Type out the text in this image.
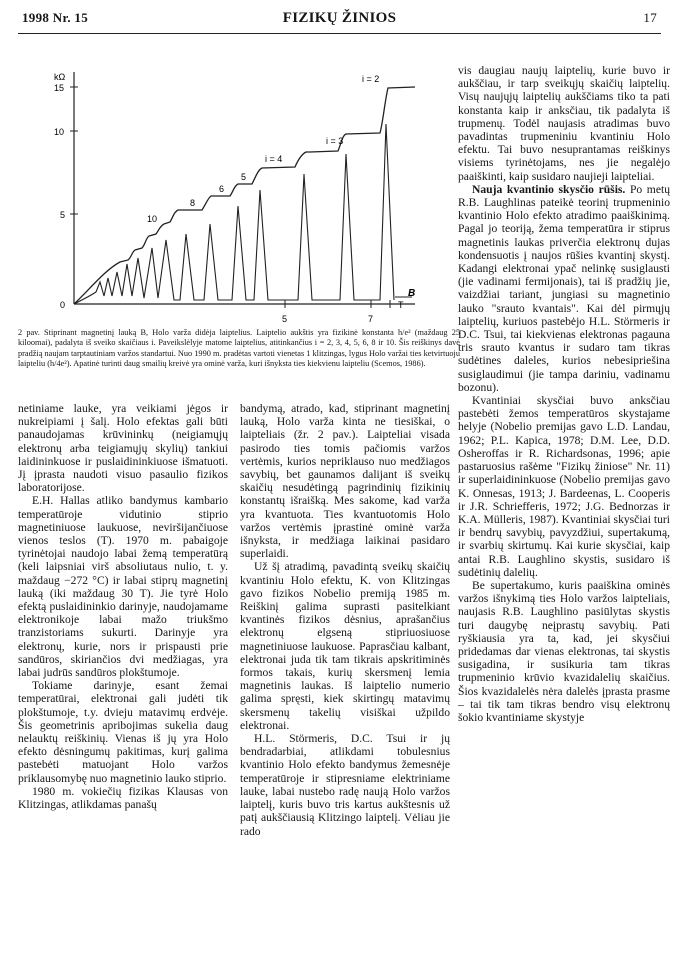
1998 Nr. 15	FIZIKŲ ŽINIOS	17
kΩ
15
10
5
0
5	7
T
B
i = 2
i = 3
i = 4
6
5
8
10
2 pav. Stiprinant magnetinį lauką B, Holo varža didėja laiptelius. Laiptelio aukštis yra fizikinė konstanta h/e² (maždaug 25 kiloomai), padalyta iš sveiko skaičiaus i. Paveikslėlyje matome laiptelius, atitinkančius i = 2, 3, 4, 5, 6, 8 ir 10. Šis reiškinys davė pradžią naujam tarptautiniam varžos standartui. Nuo 1990 m. pradėtas vartoti vienetas 1 klitzingas, lygus Holo varžai ties ketvirtuoju laipteliu (h/4e²). Apatinė turinti daug smailių kreivė yra ominė varža, kuri išnyksta ties kiekvienu laipteliu (Scemos, 1986).

netiniame lauke, yra veikiami jėgos ir nukreipiami į šalį. Holo efektas gali būti panaudojamas krūvininkų (neigiamųjų elektronų arba teigiamųjų skylių) tankiui laidininkuose ir puslaidininkiuose išmatuoti. Jį įprasta naudoti visuo pasaulio fizikos laboratorijose.

E.H. Hallas atliko bandymus kambario temperatūroje vidutinio stiprio magnetiniuose laukuose, neviršijančiuose vienos teslos (T). 1970 m. pabaigoje tyrinėtojai naudojo labai žemą temperatūrą (keli laipsniai virš absoliutaus nulio, t. y. maždaug −272 °C) ir labai stiprų magnetinį lauką (iki maždaug 30 T). Jie tyrė Holo efektą puslaidininkio darinyje, naudojamame elektronikoje labai mažo triukšmo tranzistoriams sukurti. Darinyje yra elektronų, kurie, nors ir prispausti prie sandūros, skiriančios dvi medžiagas, yra labai judrūs sandūros plokštumoje.

Tokiame darinyje, esant žemai temperatūrai, elektronai gali judėti tik plokštumoje, t.y. dvieju matavimų erdvėje. Šis geometrinis apribojimas sukelia daug nelauktų reiškinių. Vienas iš jų yra Holo efekto dėsningumų pakitimas, kurį galima pastebėti matuojant Holo varžos priklausomybę nuo magnetinio lauko stiprio.

1980 m. vokiečių fizikas Klausas von Klitzingas, atlikdamas panašų

bandymą, atrado, kad, stiprinant magnetinį lauką, Holo varža kinta ne tiesiškai, o laipteliais (žr. 2 pav.). Laipteliai visada pasirodo ties tomis pačiomis varžos vertėmis, kurios nepriklauso nuo medžiagos savybių, bet gaunamos dalijant iš sveikų skaičių nesudėtingą pagrindinių fizikinių konstantų išraišką. Mes sakome, kad varža yra kvantuota. Ties kvantuotomis Holo varžos vertėmis įprastinė ominė varža išnyksta, ir medžiaga laikinai pasidaro superlaidi.

Už šį atradimą, pavadintą sveikų skaičių kvantiniu Holo efektu, K. von Klitzingas gavo fizikos Nobelio premiją 1985 m. Reiškinį galima suprasti pasitelkiant kvantinės fizikos dėsnius, aprašančius elektronų elgseną stipriuosiuose magnetiniuose laukuose. Paprasčiau kalbant, elektronai juda tik tam tikrais apskritiminės formos takais, kurių skersmenį lemia magnetinis laukas. Iš laiptelio numerio galima spręsti, kiek skirtingų matavimų skersmenų takelių visiškai užpildo elektronai.

H.L. Störmeris, D.C. Tsui ir jų bendradarbiai, atlikdami tobulesnius kvantinio Holo efekto bandymus žemesnėje temperatūroje ir stipresniame elektriniame lauke, labai nustebo radę naują Holo varžos laiptelį, kuris buvo tris kartus aukštesnis už patį aukščiausią Klitzingo laiptelį. Vėliau jie rado

vis daugiau naujų laiptelių, kurie buvo ir aukščiau, ir tarp sveikųjų skaičių laiptelių. Visų naujųjų laiptelių aukščiams tiko ta pati konstanta kaip ir anksčiau, tik padalyta iš trupmenų. Todėl naujasis atradimas buvo pavadintas trupmeniniu kvantiniu Holo efektu. Tai buvo nesuprantamas reiškinys visiems tyrinėtojams, nes jie negalėjo paaiškinti, kaip susidaro naujieji laipteliai.

Nauja kvantinio skysčio rūšis. Po metų R.B. Laughlinas pateikė teorinį trupmeninio kvantinio Holo efekto atradimo paaiškinimą. Pagal jo teoriją, žema temperatūra ir stiprus magnetinis laukas priverčia elektronų dujas kondensuotis į naujos rūšies kvantinį skystį. Kadangi elektronai ypač nelinkę susiglausti (jie vadinami fermijonais), tai iš pradžių jie, vaizdžiai tariant, jungiasi su magnetinio lauko "srauto kvantais". Kai dėl pirmųjų laiptelių, kuriuos pastebėjo H.L. Störmeris ir D.C. Tsui, tai kiekvienas elektronas pagauna tris srauto kvantus ir sudaro tam tikras sudėtines daleles, kurios nebesipriešina susiglaudimui (jie tampa dariniu, vadinamu bozonu).

Kvantiniai skysčiai buvo anksčiau pastebėti žemos temperatūros skystajame helyje (Nobelio premijas gavo L.D. Landau, 1962; P.L. Kapica, 1978; D.M. Lee, D.D. Osheroffas ir R. Richardsonas, 1996; apie pastaruosius rašėme "Fizikų žiniose" Nr. 11) ir superlaidininkuose (Nobelio premijas gavo K. Onnesas, 1913; J. Bardeenas, L. Cooperis ir J.R. Schriefferis, 1972; J.G. Bednorzas ir K.A. Mülleris, 1987). Kvantiniai skysčiai turi ir bendrų savybių, pavyzdžiui, supertakumą, ir svarbių skirtumų. Kai kurie skysčiai, kaip antai R.B. Laughlino skystis, susidaro iš sudėtinių dalelių.

Be supertakumo, kuris paaiškina ominės varžos išnykimą ties Holo varžos laipteliais, naujasis R.B. Laughlino pasiūlytas skystis turi daugybę neįprastų savybių. Pati ryškiausia yra ta, kad, jei skysčiui pridedamas dar vienas elektronas, tai skystis susigadina, ir susikuria tam tikras trupmeninio krūvio kvazidalelių skaičius. Šios kvazidalelės nėra dalelės įprasta prasme – tai tik tam tikras bendro visų elektronų šokio kvantiniame skystyje
